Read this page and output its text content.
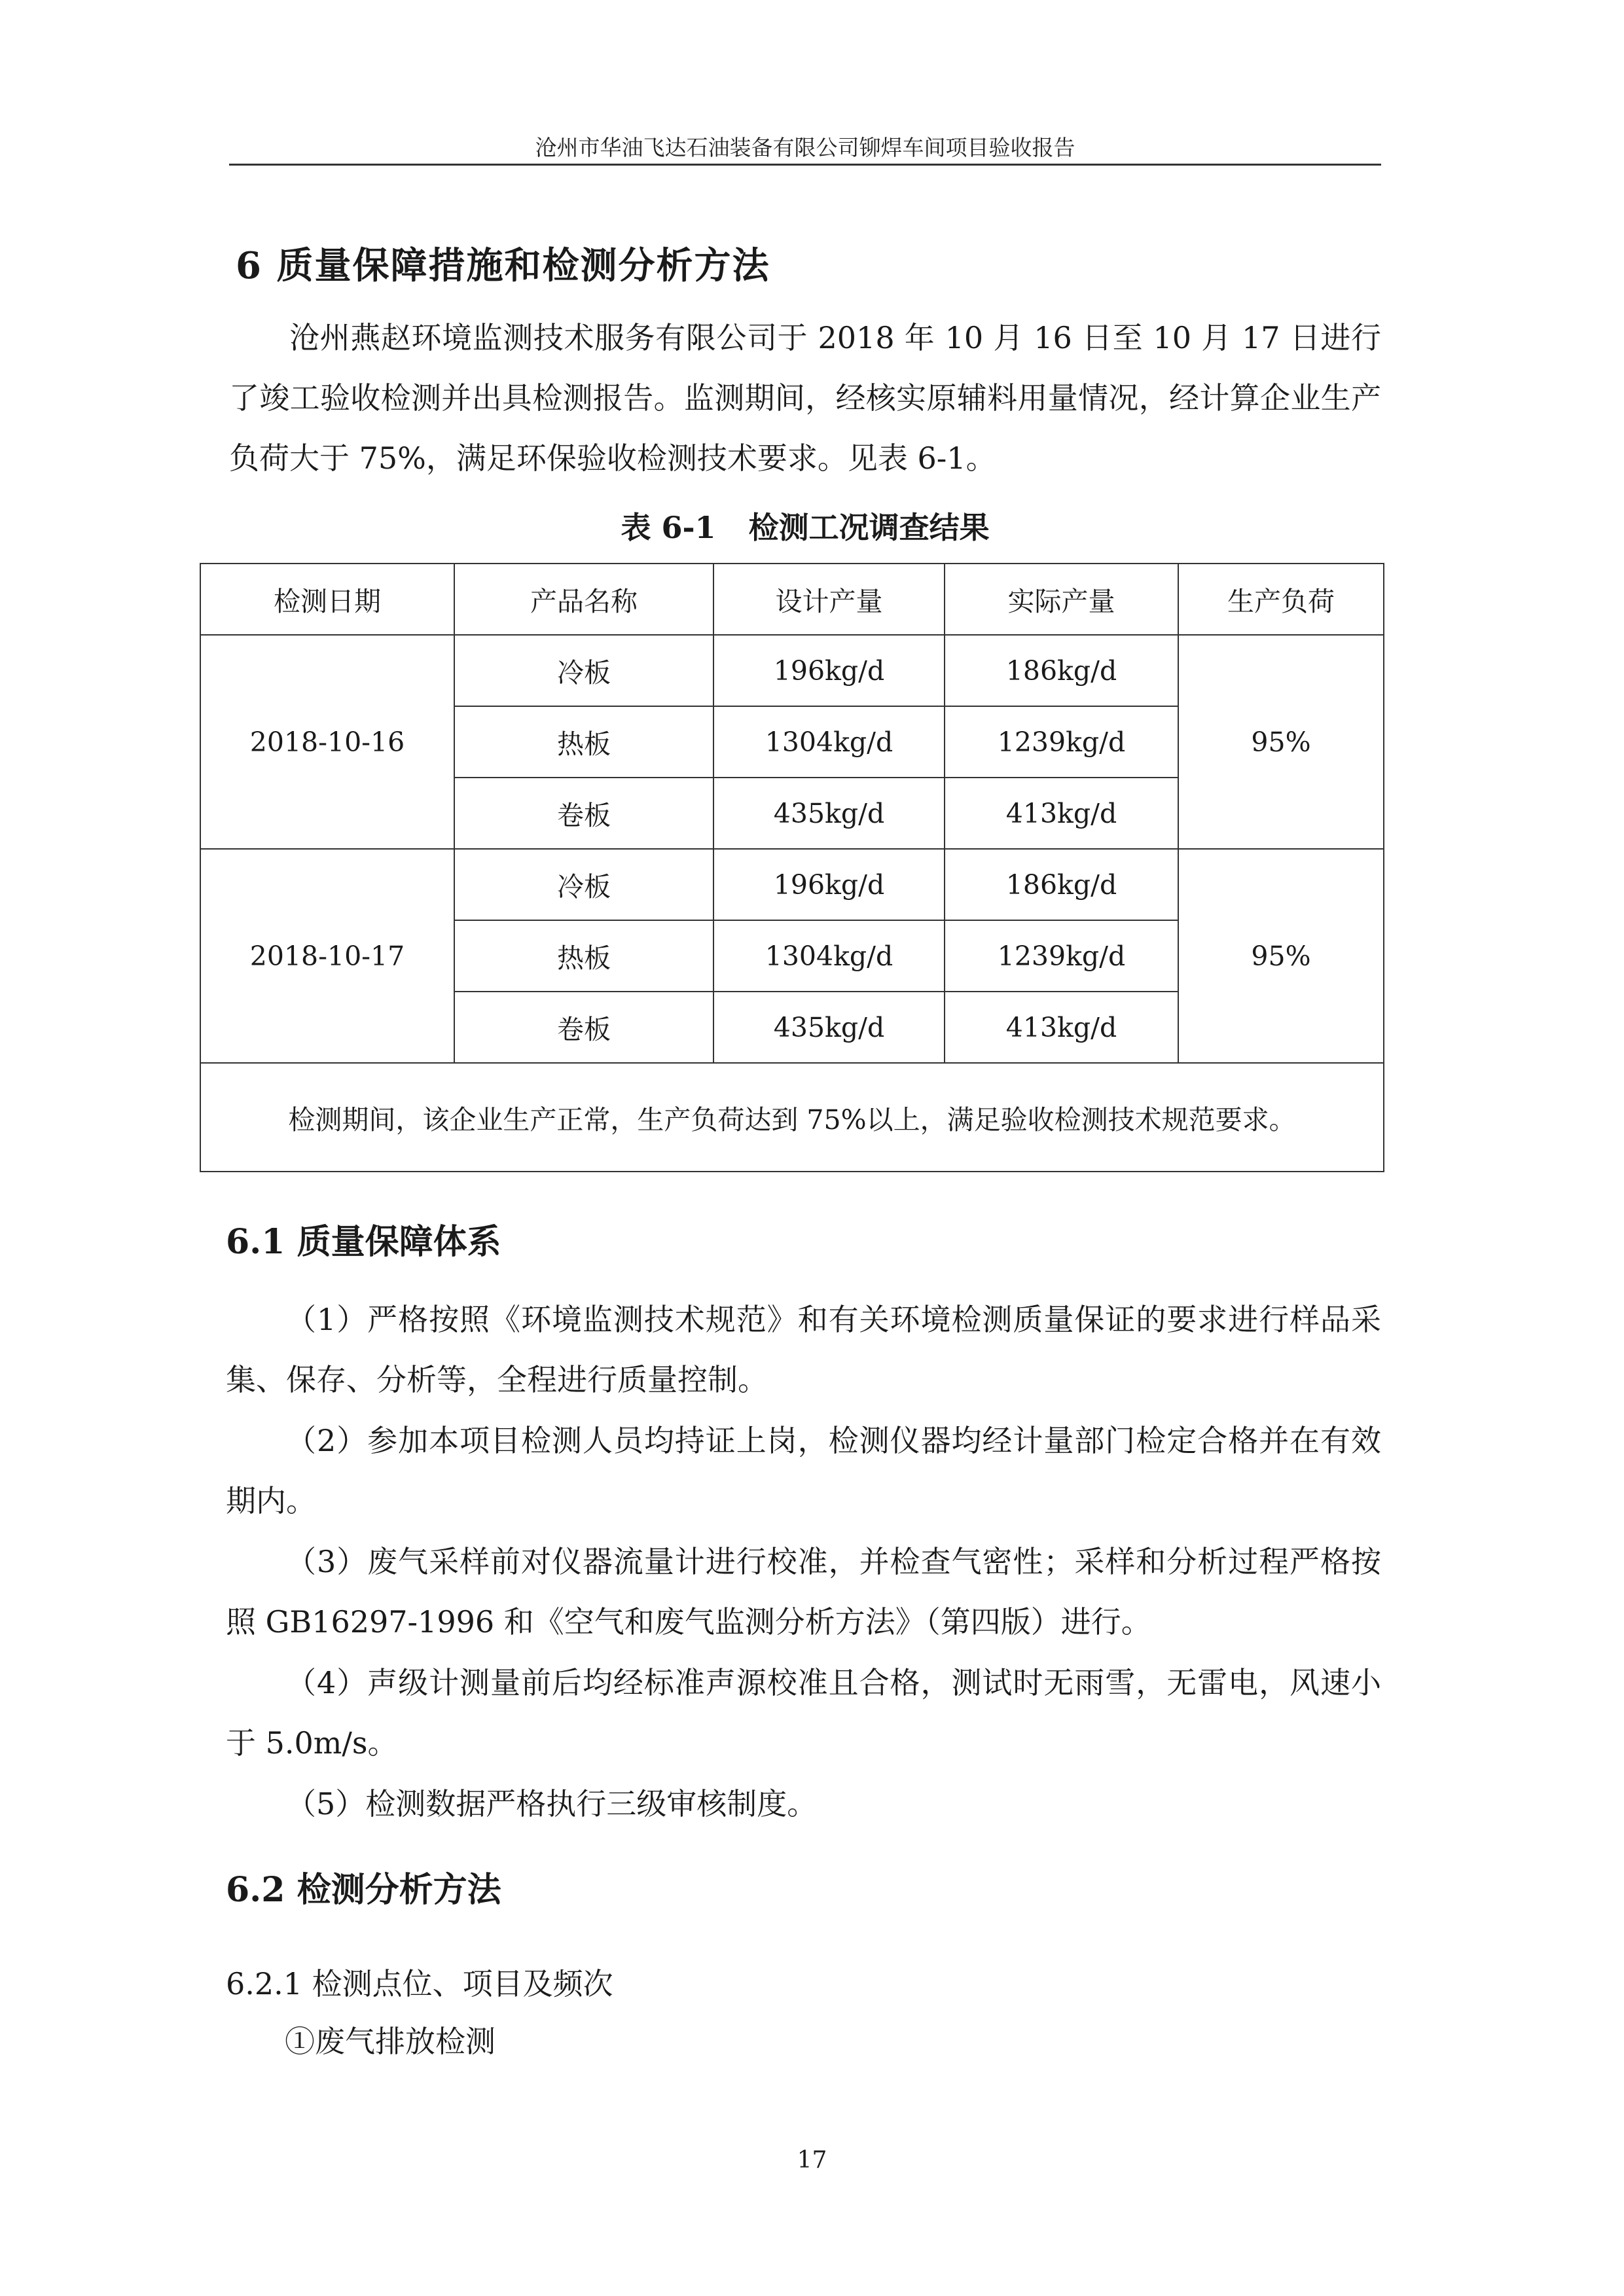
沧州市华油飞达石油装备有限公司铆焊车间项目验收报告
6 质量保障措施和检测分析方法
沧州燕赵环境监测技术服务有限公司于 2018 年 10 月 16 日至 10 月 17 日进行了竣工验收检测并出具检测报告。监测期间，经核实原辅料用量情况，经计算企业生产负荷大于 75%，满足环保验收检测技术要求。见表 6-1。
表 6-1 检测工况调查结果
检测日期	产品名称	设计产量	实际产量	生产负荷
2018-10-16	冷板	196kg/d	186kg/d	95%
	热板	1304kg/d	1239kg/d	
	卷板	435kg/d	413kg/d	
2018-10-17	冷板	196kg/d	186kg/d	95%
	热板	1304kg/d	1239kg/d	
	卷板	435kg/d	413kg/d	
检测期间，该企业生产正常，生产负荷达到 75%以上，满足验收检测技术规范要求。				
6.1 质量保障体系
（1）严格按照《环境监测技术规范》和有关环境检测质量保证的要求进行样品采集、保存、分析等，全程进行质量控制。
（2）参加本项目检测人员均持证上岗，检测仪器均经计量部门检定合格并在有效期内。
（3）废气采样前对仪器流量计进行校准，并检查气密性；采样和分析过程严格按照 GB16297-1996 和《空气和废气监测分析方法》（第四版）进行。
（4）声级计测量前后均经标准声源校准且合格，测试时无雨雪，无雷电，风速小于 5.0m/s。
（5）检测数据严格执行三级审核制度。
6.2 检测分析方法
6.2.1 检测点位、项目及频次
①废气排放检测
17
